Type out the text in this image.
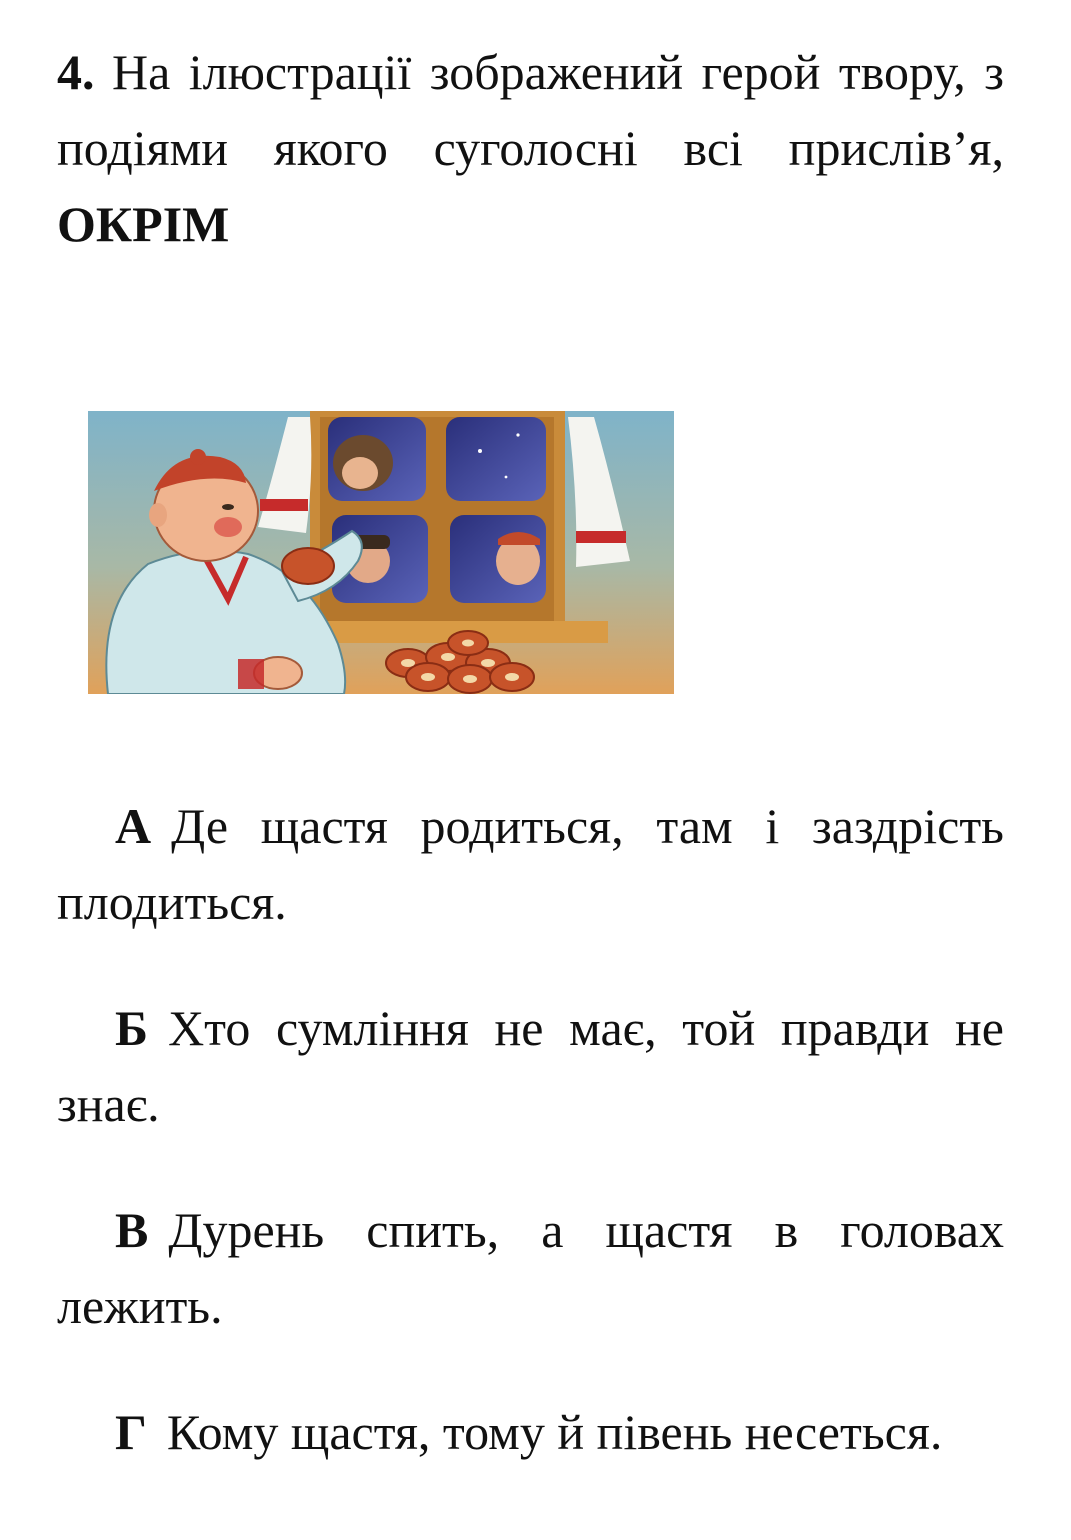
4. На ілюстрації зображений герой твору, з подіями якого суголосні всі прислів’я, ОКРІМ

А Де щастя родиться, там і заздрість плодиться.

Б Хто сумління не має, той правди не знає.

В Дурень спить, а щастя в головах лежить.

Г Кому щастя, тому й півень несеться.
